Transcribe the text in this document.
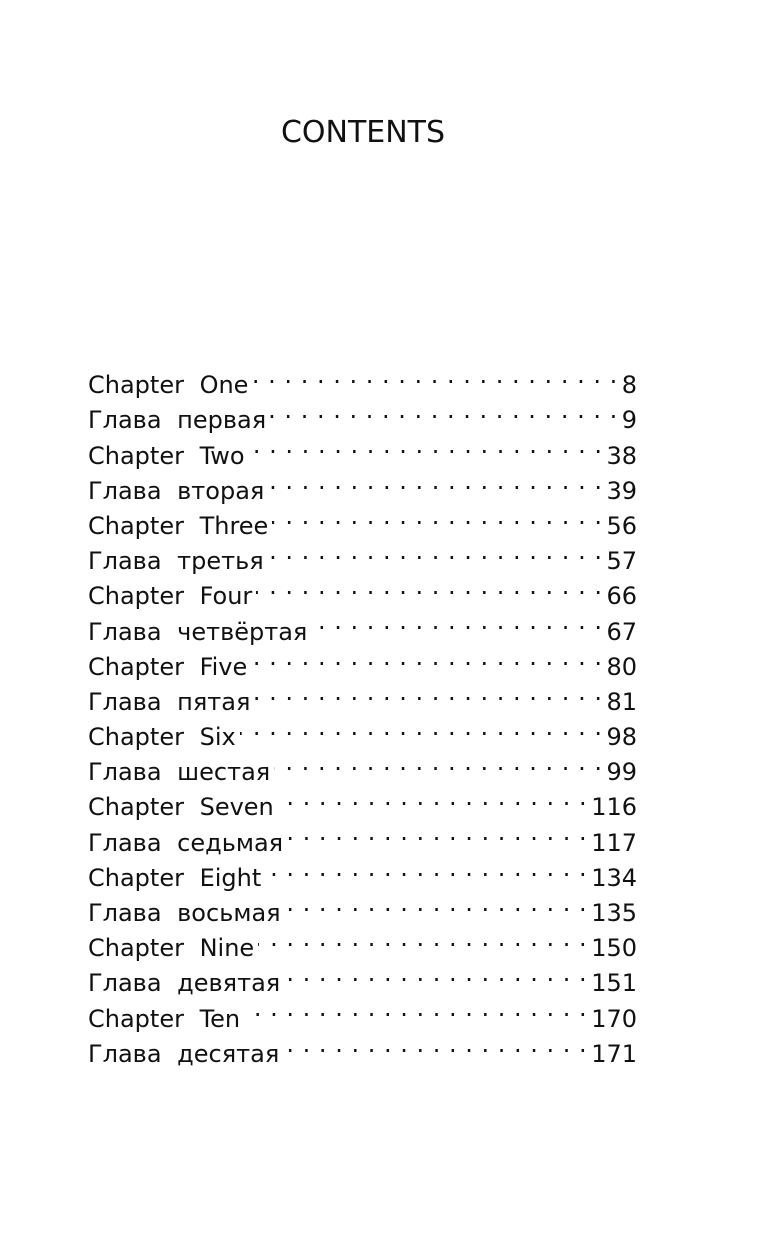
CONTENTS
Chapter One . . .	8
Глава первая . . .	9
Chapter Two . . .	38
Глава вторая . . .	39
Chapter Three . . .	56
Глава третья . . .	57
Chapter Four . . .	66
Глава четвёртая . . .	67
Chapter Five . . .	80
Глава пятая . . .	81
Chapter Six . . .	98
Глава шестая . . .	99
Chapter Seven . . .	116
Глава седьмая . . .	117
Chapter Eight . . .	134
Глава восьмая . . .	135
Chapter Nine . . .	150
Глава девятая . . .	151
Chapter Ten . . .	170
Глава десятая . . .	171
